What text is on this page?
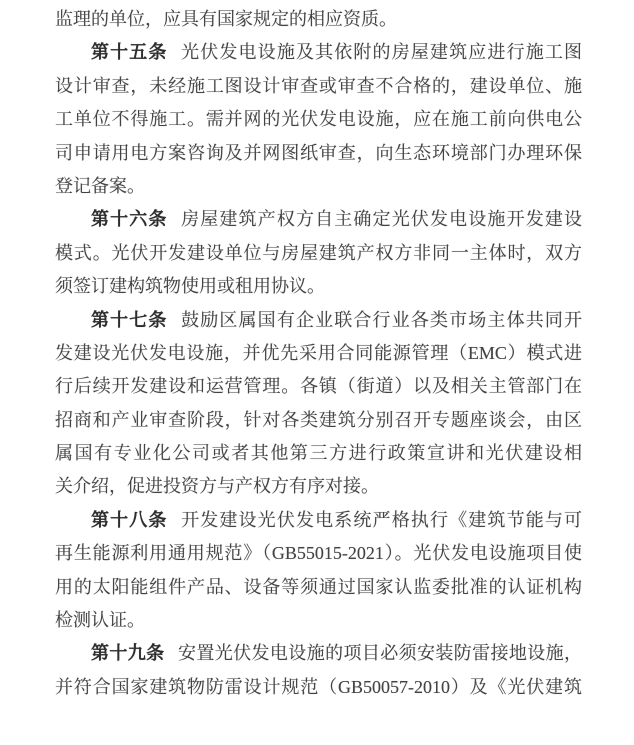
监理的单位，应具有国家规定的相应资质。
第十五条 光伏发电设施及其依附的房屋建筑应进行施工图
设计审查，未经施工图设计审查或审查不合格的，建设单位、施
工单位不得施工。需并网的光伏发电设施，应在施工前向供电公
司申请用电方案咨询及并网图纸审查，向生态环境部门办理环保
登记备案。
第十六条 房屋建筑产权方自主确定光伏发电设施开发建设
模式。光伏开发建设单位与房屋建筑产权方非同一主体时，双方
须签订建构筑物使用或租用协议。
第十七条 鼓励区属国有企业联合行业各类市场主体共同开
发建设光伏发电设施，并优先采用合同能源管理（EMC）模式进
行后续开发建设和运营管理。各镇（街道）以及相关主管部门在
招商和产业审查阶段，针对各类建筑分别召开专题座谈会，由区
属国有专业化公司或者其他第三方进行政策宣讲和光伏建设相
关介绍，促进投资方与产权方有序对接。
第十八条 开发建设光伏发电系统严格执行《建筑节能与可
再生能源利用通用规范》（GB55015-2021）。光伏发电设施项目使
用的太阳能组件产品、设备等须通过国家认监委批准的认证机构
检测认证。
第十九条 安置光伏发电设施的项目必须安装防雷接地设施，
并符合国家建筑物防雷设计规范（GB50057-2010）及《光伏建筑
